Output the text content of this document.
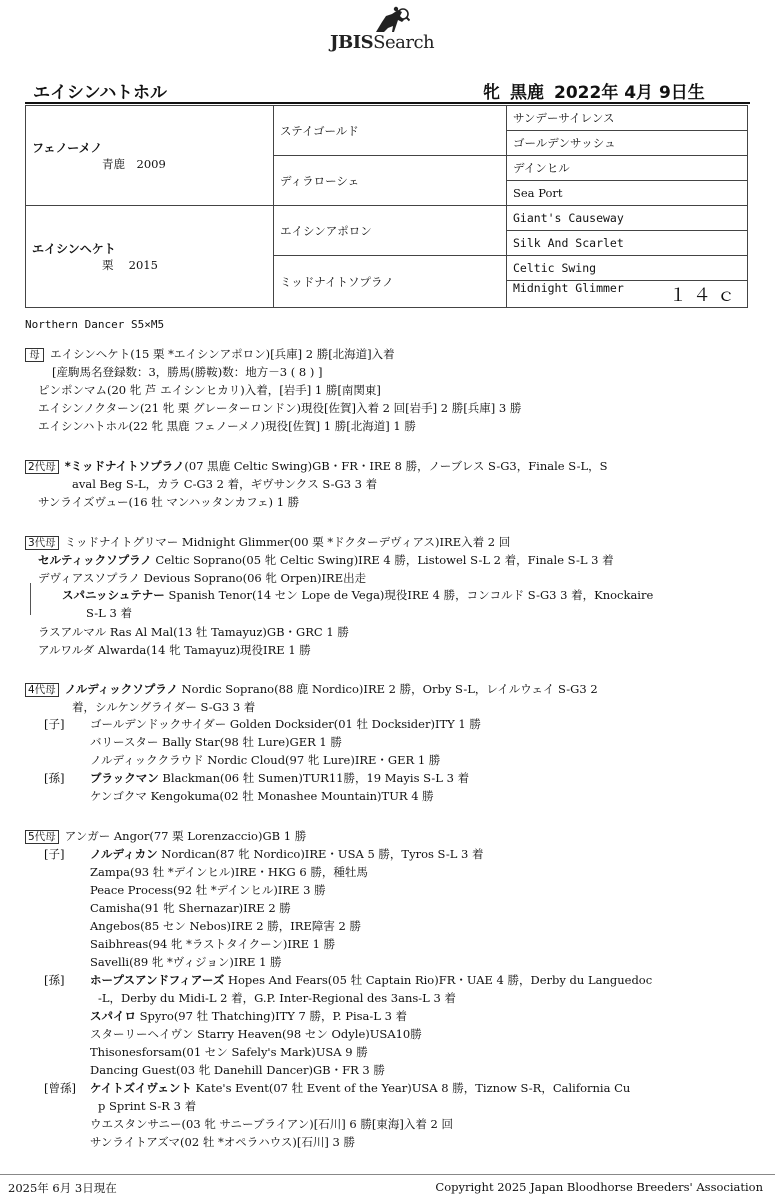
JBISSearch
エイシンハトホル	牝 黒鹿 2022年 4月 9日生
フェノーメノ
青鹿　2009	ステイゴールド	サンデーサイレンス
		ゴールデンサッシュ
	ディラローシェ	デインヒル
		Sea Port

エイシンヘケト
栗　 2015	エイシンアポロン	Giant's Causeway
		Silk And Scarlet
	ミッドナイトソプラノ	Celtic Swing
		Midnight Glimmer １４ｃ
Northern Dancer S5×M5
母 エイシンヘケト(15 栗 *エイシンアポロン)[兵庫] 2 勝[北海道]入着
[産駒馬名登録数：3，勝馬(勝鞍)数：地方－3 ( 8 ) ]
ピンポンマム(20 牝 芦 エイシンヒカリ)入着，[岩手] 1 勝[南関東]
エイシンノクターン(21 牝 栗 グレーターロンドン)現役[佐賀]入着 2 回[岩手] 2 勝[兵庫] 3 勝
エイシンハトホル(22 牝 黒鹿 フェノーメノ)現役[佐賀] 1 勝[北海道] 1 勝
2代母 *ミッドナイトソプラノ(07 黒鹿 Celtic Swing)GB・FR・IRE 8 勝，ノーブレス S-G3，Finale S-L，S
aval Beg S-L，カラ C-G3 2 着，ギヴサンクス S-G3 3 着
サンライズヴュー(16 牡 マンハッタンカフェ) 1 勝
3代母 ミッドナイトグリマー Midnight Glimmer(00 栗 *ドクターデヴィアス)IRE入着 2 回
セルティックソプラノ Celtic Soprano(05 牝 Celtic Swing)IRE 4 勝，Listowel S-L 2 着，Finale S-L 3 着
デヴィアスソプラノ Devious Soprano(06 牝 Orpen)IRE出走
スパニッシュテナー Spanish Tenor(14 セン Lope de Vega)現役IRE 4 勝，コンコルド S-G3 3 着，Knockaire
S-L 3 着
ラスアルマル Ras Al Mal(13 牡 Tamayuz)GB・GRC 1 勝
アルワルダ Alwarda(14 牝 Tamayuz)現役IRE 1 勝
4代母 ノルディックソプラノ Nordic Soprano(88 鹿 Nordico)IRE 2 勝，Orby S-L，レイルウェイ S-G3 2
着，シルケングライダー S-G3 3 着
[子] ゴールデンドックサイダー Golden Docksider(01 牡 Docksider)ITY 1 勝
バリースター Bally Star(98 牡 Lure)GER 1 勝
ノルディッククラウド Nordic Cloud(97 牝 Lure)IRE・GER 1 勝
[孫] ブラックマン Blackman(06 牡 Sumen)TUR11勝，19 Mayis S-L 3 着
ケンゴクマ Kengokuma(02 牡 Monashee Mountain)TUR 4 勝
5代母 アンガー Angor(77 栗 Lorenzaccio)GB 1 勝
[子] ノルディカン Nordican(87 牝 Nordico)IRE・USA 5 勝，Tyros S-L 3 着
Zampa(93 牡 *デインヒル)IRE・HKG 6 勝，種牡馬
Peace Process(92 牡 *デインヒル)IRE 3 勝
Camisha(91 牝 Shernazar)IRE 2 勝
Angebos(85 セン Nebos)IRE 2 勝，IRE障害 2 勝
Saibhreas(94 牝 *ラストタイクーン)IRE 1 勝
Savelli(89 牝 *ヴィジョン)IRE 1 勝
[孫] ホープスアンドフィアーズ Hopes And Fears(05 牡 Captain Rio)FR・UAE 4 勝，Derby du Languedoc
-L，Derby du Midi-L 2 着，G.P. Inter-Regional des 3ans-L 3 着
スパイロ Spyro(97 牡 Thatching)ITY 7 勝，P. Pisa-L 3 着
スターリーヘイヴン Starry Heaven(98 セン Odyle)USA10勝
Thisonesforsam(01 セン Safely's Mark)USA 9 勝
Dancing Guest(03 牝 Danehill Dancer)GB・FR 3 勝
[曾孫] ケイトズイヴェント Kate's Event(07 牡 Event of the Year)USA 8 勝，Tiznow S-R，California Cu
p Sprint S-R 3 着
ウエスタンサニー(03 牝 サニーブライアン)[石川] 6 勝[東海]入着 2 回
サンライトアズマ(02 牡 *オペラハウス)[石川] 3 勝
2025年 6月 3日現在	Copyright 2025 Japan Bloodhorse Breeders' Association
